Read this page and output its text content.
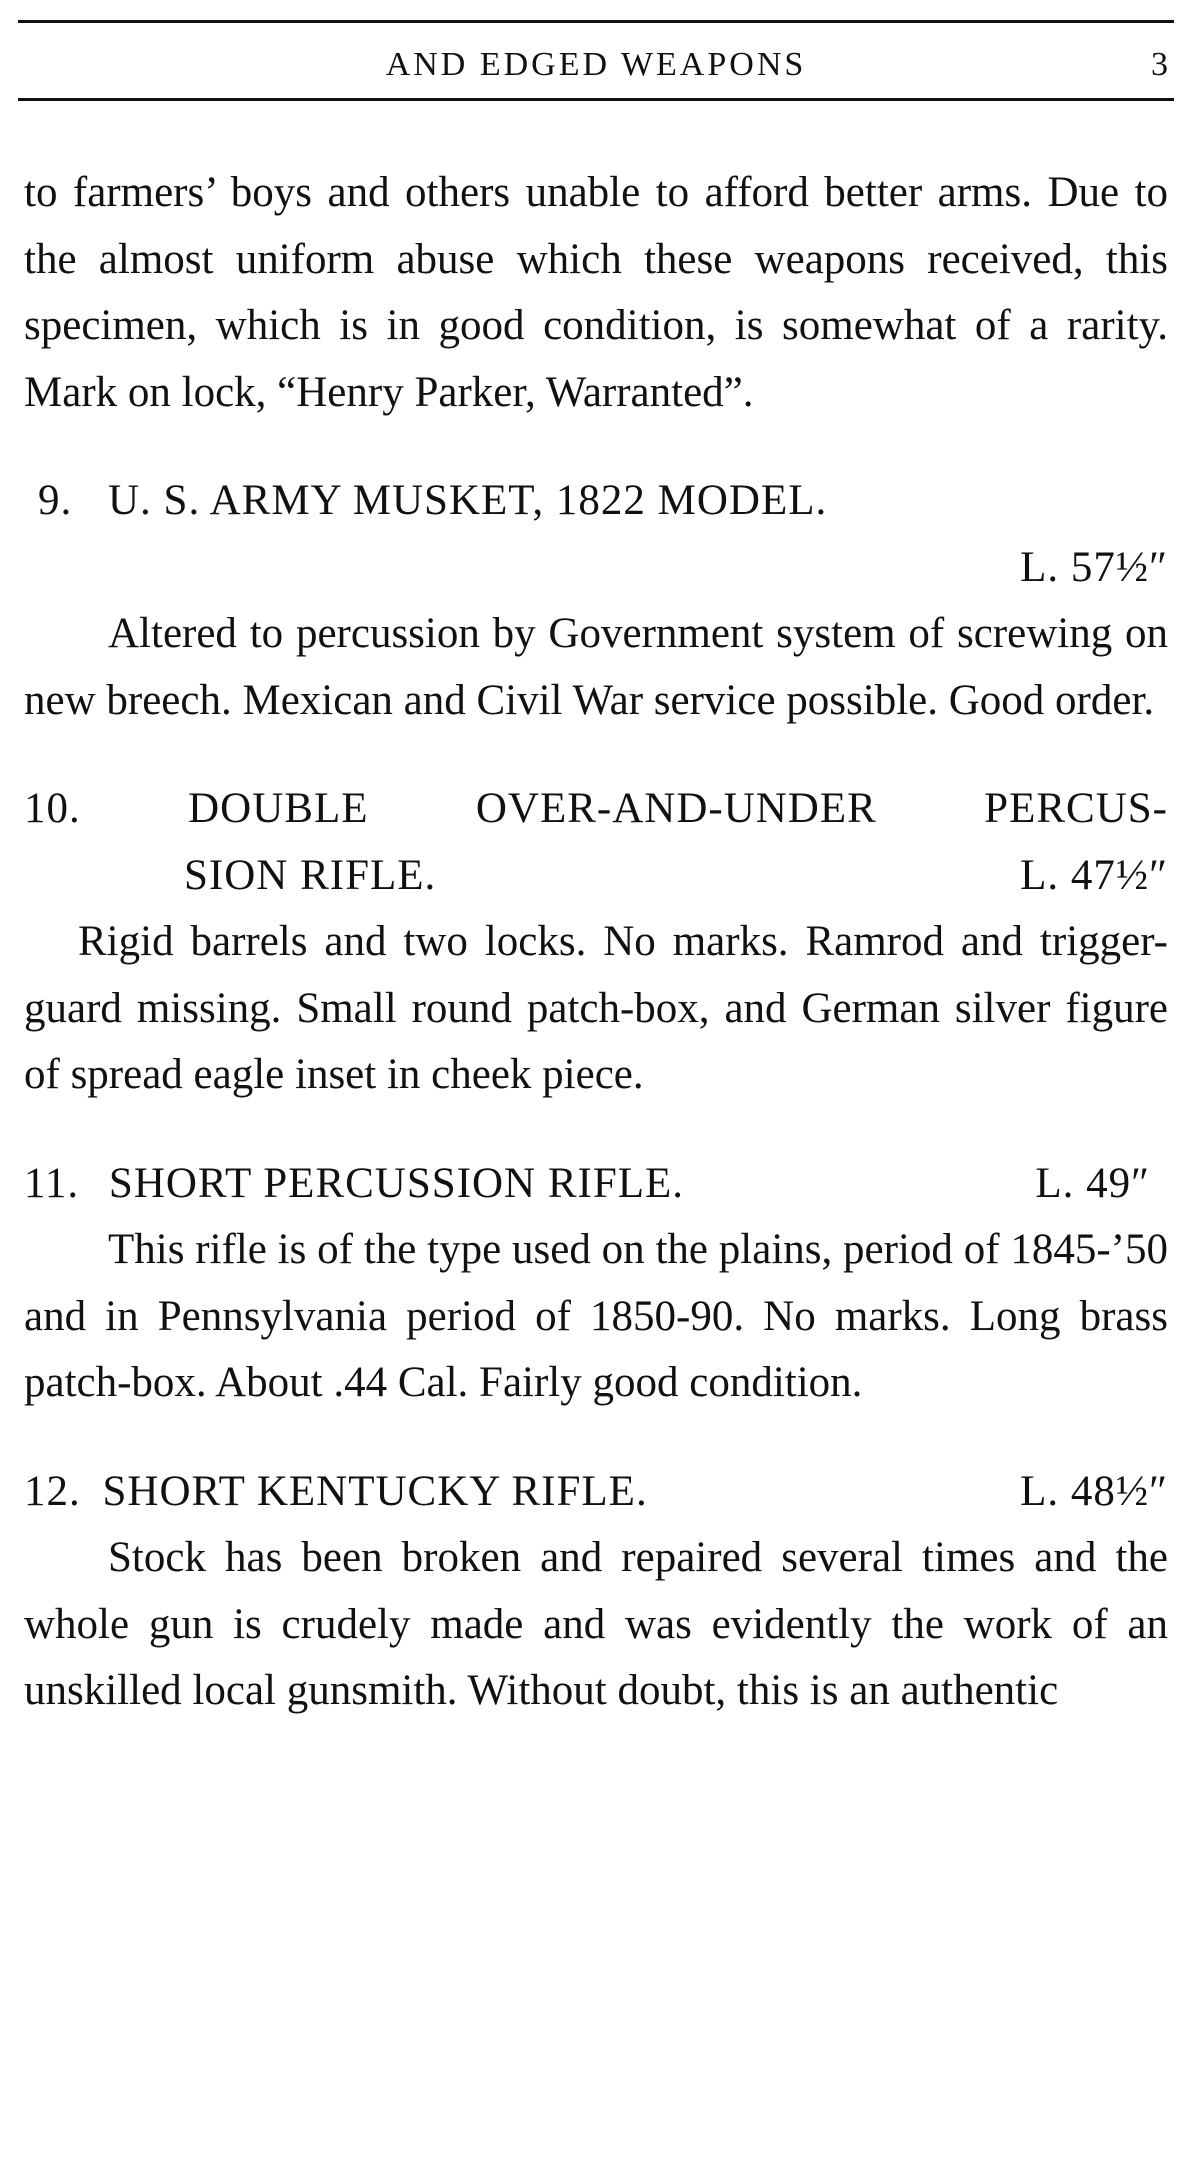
AND EDGED WEAPONS	3

to farmers’ boys and others unable to afford better arms. Due to the almost uniform abuse which these weapons received, this specimen, which is in good condition, is somewhat of a rarity. Mark on lock, “Henry Parker, Warranted”.

9. U. S. ARMY MUSKET, 1822 MODEL.
L. 57½″

Altered to percussion by Government system of screwing on new breech. Mexican and Civil War service possible. Good order.

10. DOUBLE OVER-AND-UNDER PERCUS-
SION RIFLE.	L. 47½″

Rigid barrels and two locks. No marks. Ramrod and trigger-guard missing. Small round patch-box, and German silver figure of spread eagle inset in cheek piece.

11. SHORT PERCUSSION RIFLE.	L. 49″

This rifle is of the type used on the plains, period of 1845-’50 and in Pennsylvania period of 1850-90. No marks. Long brass patch-box. About .44 Cal. Fairly good condition.

12. SHORT KENTUCKY RIFLE.	L. 48½″

Stock has been broken and repaired several times and the whole gun is crudely made and was evidently the work of an unskilled local gunsmith. Without doubt, this is an authentic
